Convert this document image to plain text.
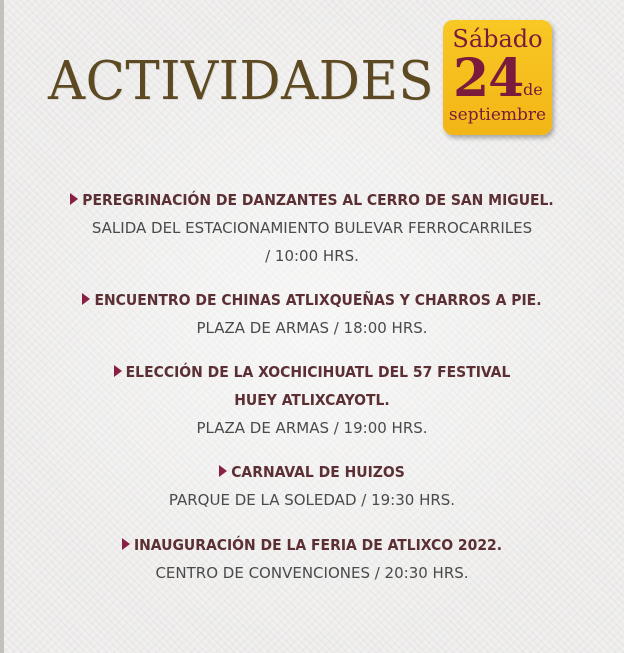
ACTIVIDADES
Sábado
24 de
septiembre
PEREGRINACIÓN DE DANZANTES AL CERRO DE SAN MIGUEL.
SALIDA DEL ESTACIONAMIENTO BULEVAR FERROCARRILES
/ 10:00 HRS.
ENCUENTRO DE CHINAS ATLIXQUEÑAS Y CHARROS A PIE.
PLAZA DE ARMAS / 18:00 HRS.
ELECCIÓN DE LA XOCHICIHUATL DEL 57 FESTIVAL
HUEY ATLIXCAYOTL.
PLAZA DE ARMAS / 19:00 HRS.
CARNAVAL DE HUIZOS
PARQUE DE LA SOLEDAD / 19:30 HRS.
INAUGURACIÓN DE LA FERIA DE ATLIXCO 2022.
CENTRO DE CONVENCIONES / 20:30 HRS.
